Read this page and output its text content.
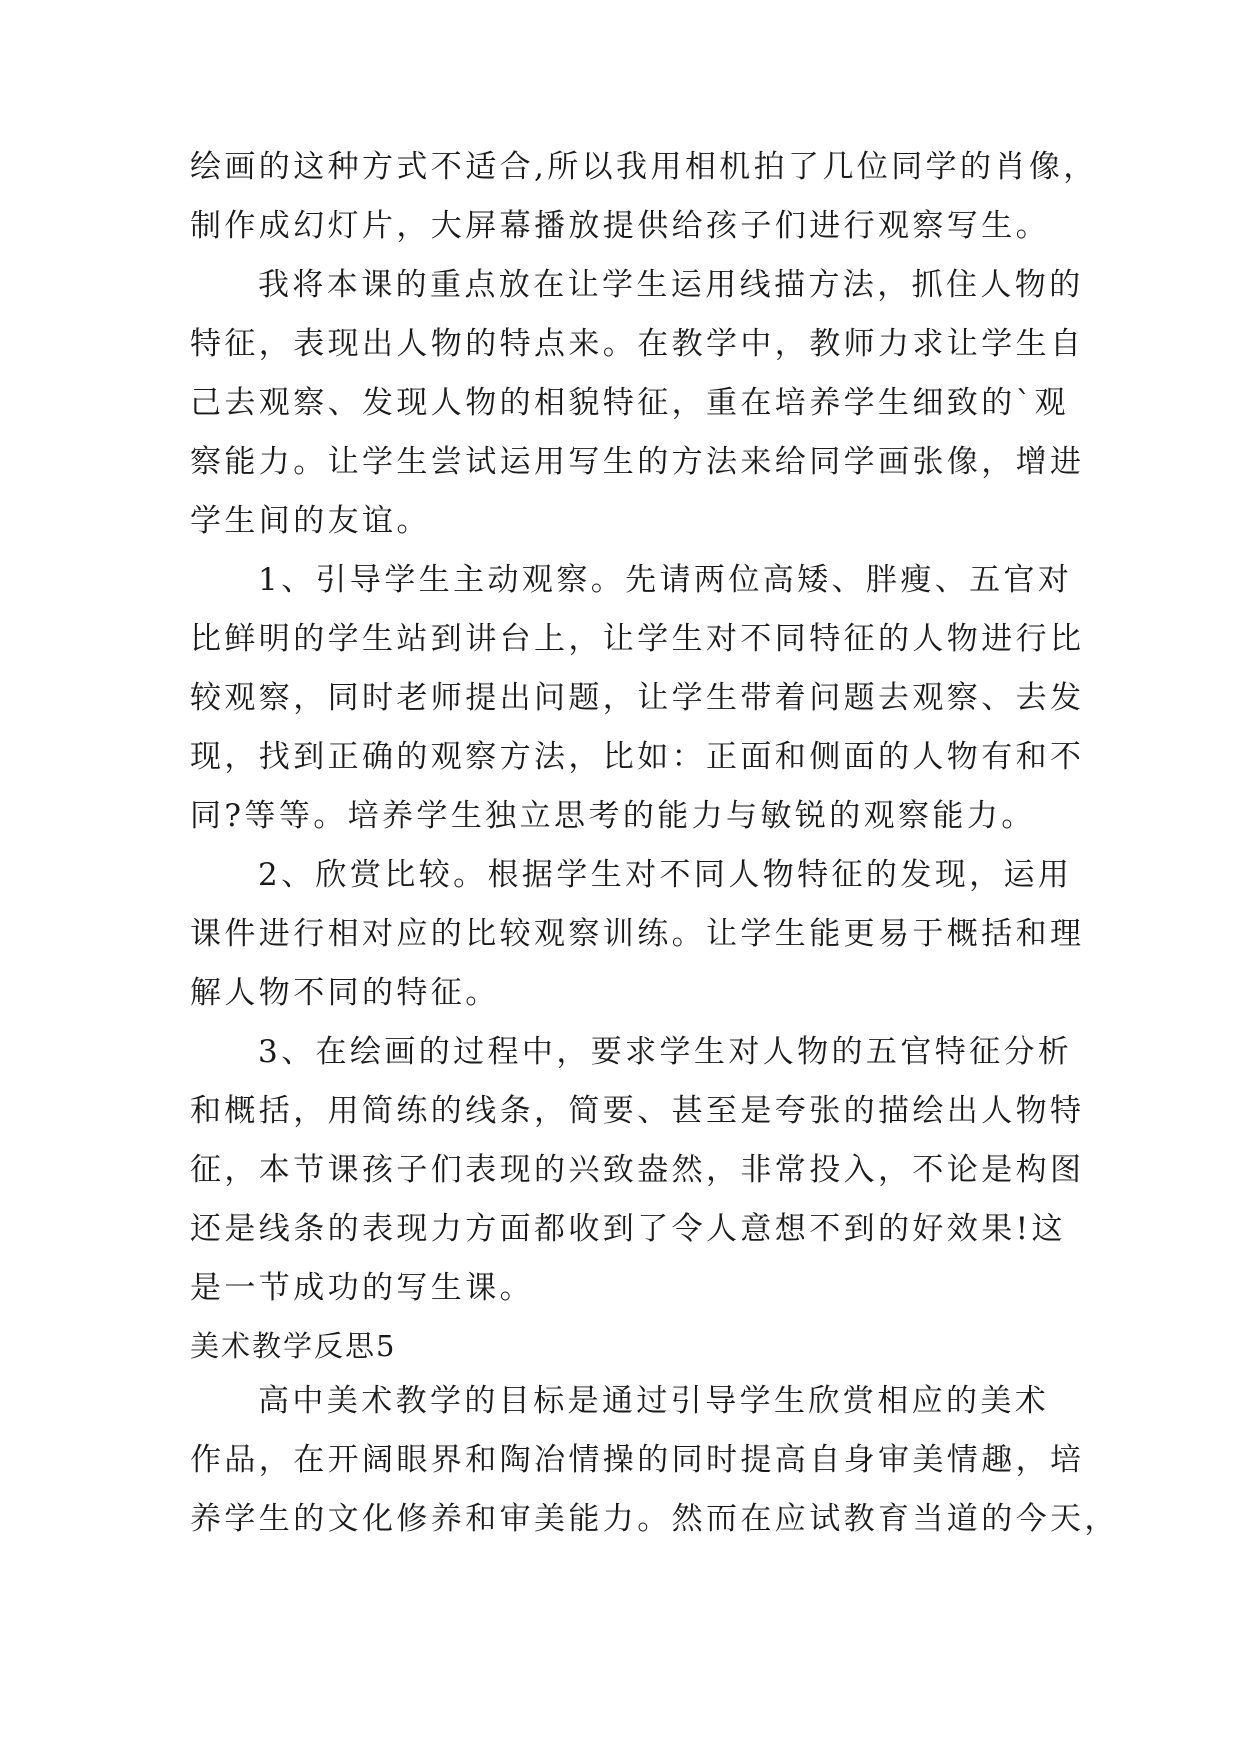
绘画的这种方式不适合,所以我用相机拍了几位同学的肖像，
制作成幻灯片，大屏幕播放提供给孩子们进行观察写生。
我将本课的重点放在让学生运用线描方法，抓住人物的
特征，表现出人物的特点来。在教学中，教师力求让学生自
己去观察、发现人物的相貌特征，重在培养学生细致的`观
察能力。让学生尝试运用写生的方法来给同学画张像，增进
学生间的友谊。
1、引导学生主动观察。先请两位高矮、胖瘦、五官对
比鲜明的学生站到讲台上，让学生对不同特征的人物进行比
较观察，同时老师提出问题，让学生带着问题去观察、去发
现，找到正确的观察方法，比如：正面和侧面的人物有和不
同?等等。培养学生独立思考的能力与敏锐的观察能力。
2、欣赏比较。根据学生对不同人物特征的发现，运用
课件进行相对应的比较观察训练。让学生能更易于概括和理
解人物不同的特征。
3、在绘画的过程中，要求学生对人物的五官特征分析
和概括，用简练的线条，简要、甚至是夸张的描绘出人物特
征，本节课孩子们表现的兴致盎然，非常投入，不论是构图
还是线条的表现力方面都收到了令人意想不到的好效果!这
是一节成功的写生课。
美术教学反思5
高中美术教学的目标是通过引导学生欣赏相应的美术
作品，在开阔眼界和陶冶情操的同时提高自身审美情趣，培
养学生的文化修养和审美能力。然而在应试教育当道的今天，
